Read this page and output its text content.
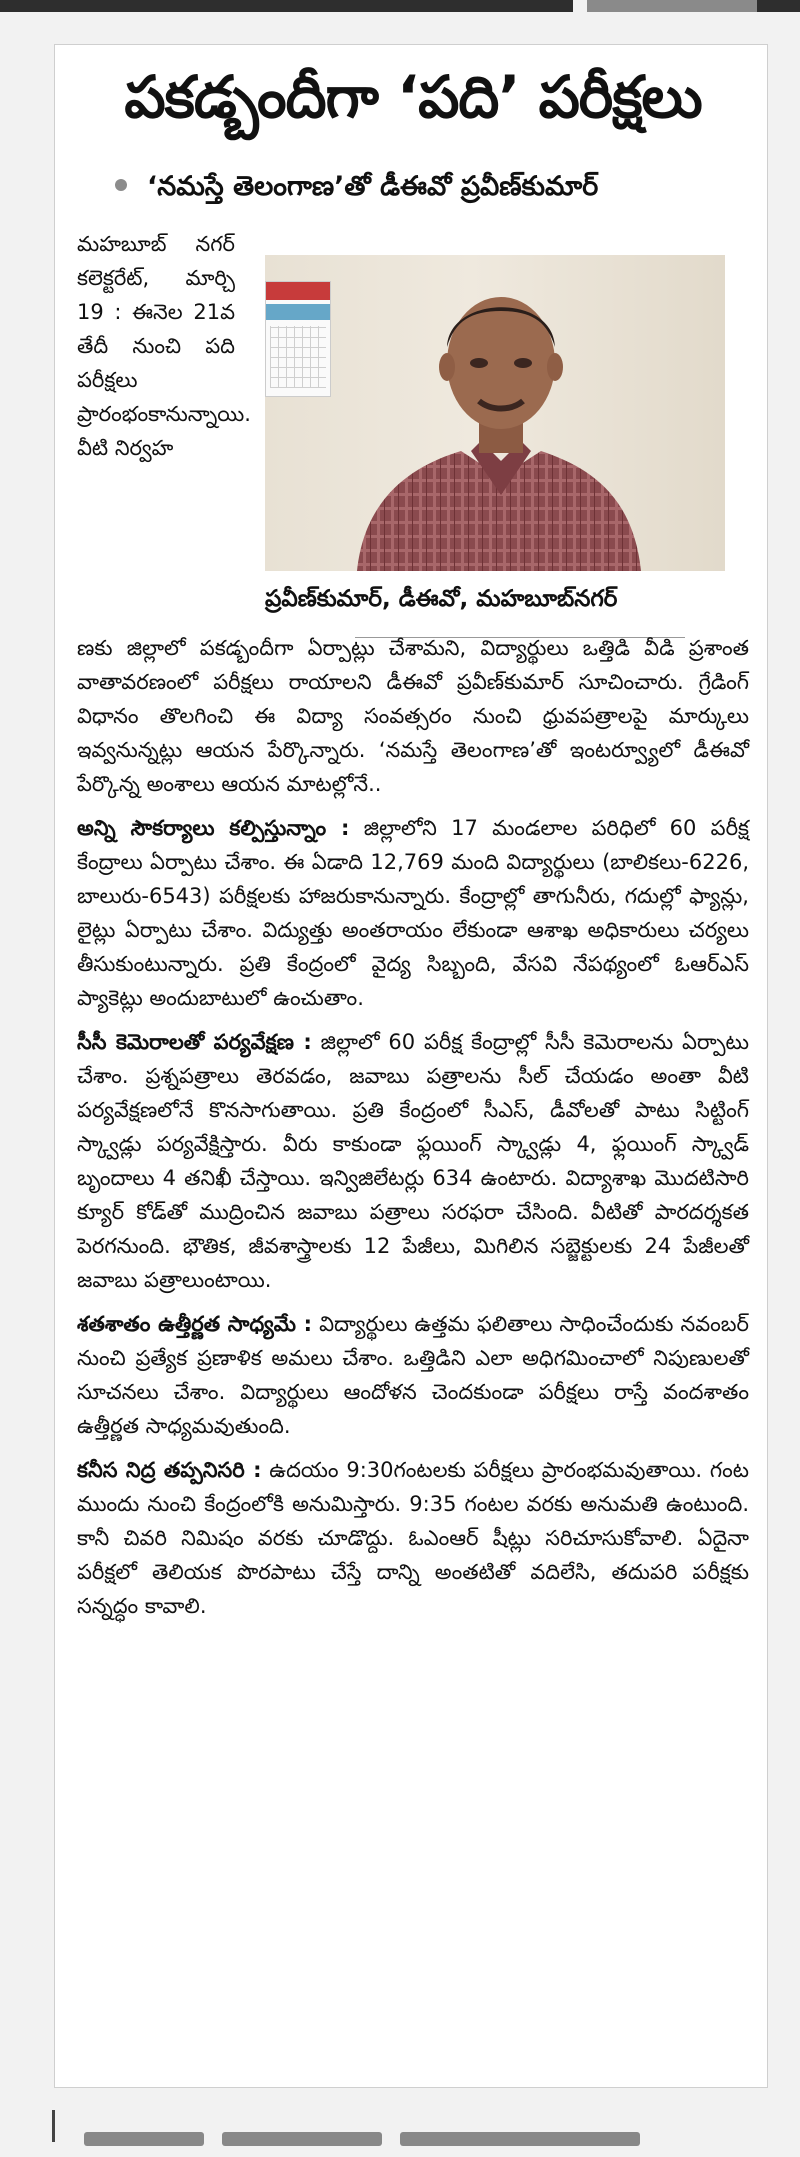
పకడ్బందీగా ‘పది’ పరీక్షలు
‘నమస్తే తెలంగాణ’తో డీఈవో ప్రవీణ్‌కుమార్
మహబూబ్ నగర్ కలెక్టరేట్, మార్చి 19 : ఈనెల 21వ తేదీ నుంచి పది పరీక్షలు ప్రారంభంకానున్నాయి. వీటి నిర్వహ
ప్రవీణ్‌కుమార్, డీఈవో, మహబూబ్‌నగర్

ణకు జిల్లాలో పకడ్బందీగా ఏర్పాట్లు చేశామని, విద్యార్థులు ఒత్తిడి వీడి ప్రశాంత వాతావరణంలో పరీక్షలు రాయాలని డీఈవో ప్రవీణ్‌కుమార్ సూచించారు. గ్రేడింగ్ విధానం తొలగించి ఈ విద్యా సంవత్సరం నుంచి ధ్రువపత్రాలపై మార్కులు ఇవ్వనున్నట్లు ఆయన పేర్కొన్నారు. ‘నమస్తే తెలంగాణ’తో ఇంటర్వ్యూలో డీఈవో పేర్కొన్న అంశాలు ఆయన మాటల్లోనే..

అన్ని సౌకర్యాలు కల్పిస్తున్నాం : జిల్లాలోని 17 మండలాల పరిధిలో 60 పరీక్ష కేంద్రాలు ఏర్పాటు చేశాం. ఈ ఏడాది 12,769 మంది విద్యార్థులు (బాలికలు-6226, బాలురు-6543) పరీక్షలకు హాజరుకానున్నారు. కేంద్రాల్లో తాగునీరు, గదుల్లో ఫ్యాన్లు, లైట్లు ఏర్పాటు చేశాం. విద్యుత్తు అంతరాయం లేకుండా ఆశాఖ అధికారులు చర్యలు తీసుకుంటున్నారు. ప్రతి కేంద్రంలో వైద్య సిబ్బంది, వేసవి నేపథ్యంలో ఓఆర్ఎస్ ప్యాకెట్లు అందుబాటులో ఉంచుతాం.

సీసీ కెమెరాలతో పర్యవేక్షణ : జిల్లాలో 60 పరీక్ష కేంద్రాల్లో సీసీ కెమెరాలను ఏర్పాటు చేశాం. ప్రశ్నపత్రాలు తెరవడం, జవాబు పత్రాలను సీల్ చేయడం అంతా వీటి పర్యవేక్షణలోనే కొనసాగుతాయి. ప్రతి కేంద్రంలో సీఎస్, డీవోలతో పాటు సిట్టింగ్ స్క్వాడ్లు పర్యవేక్షిస్తారు. వీరు కాకుండా ఫ్లయింగ్ స్క్వాడ్లు 4, ఫ్లయింగ్ స్క్వాడ్ బృందాలు 4 తనిఖీ చేస్తాయి. ఇన్విజిలేటర్లు 634 ఉంటారు. విద్యాశాఖ మొదటిసారి క్యూర్ కోడ్‌తో ముద్రించిన జవాబు పత్రాలు సరఫరా చేసింది. వీటితో పారదర్శకత పెరగనుంది. భౌతిక, జీవశాస్త్రాలకు 12 పేజీలు, మిగిలిన సబ్జెక్టులకు 24 పేజీలతో జవాబు పత్రాలుంటాయి.

శతశాతం ఉత్తీర్ణత సాధ్యమే : విద్యార్థులు ఉత్తమ ఫలితాలు సాధించేందుకు నవంబర్ నుంచి ప్రత్యేక ప్రణాళిక అమలు చేశాం. ఒత్తిడిని ఎలా అధిగమించాలో నిపుణులతో సూచనలు చేశాం. విద్యార్థులు ఆందోళన చెందకుండా పరీక్షలు రాస్తే వందశాతం ఉత్తీర్ణత సాధ్యమవుతుంది.

కనీస నిద్ర తప్పనిసరి : ఉదయం 9:30గంటలకు పరీక్షలు ప్రారంభమవుతాయి. గంట ముందు నుంచి కేంద్రంలోకి అనుమిస్తారు. 9:35 గంటల వరకు అనుమతి ఉంటుంది. కానీ చివరి నిమిషం వరకు చూడొద్దు. ఓఎంఆర్ షీట్లు సరిచూసుకోవాలి. ఏదైనా పరీక్షలో తెలియక పొరపాటు చేస్తే దాన్ని అంతటితో వదిలేసి, తదుపరి పరీక్షకు సన్నద్ధం కావాలి.
